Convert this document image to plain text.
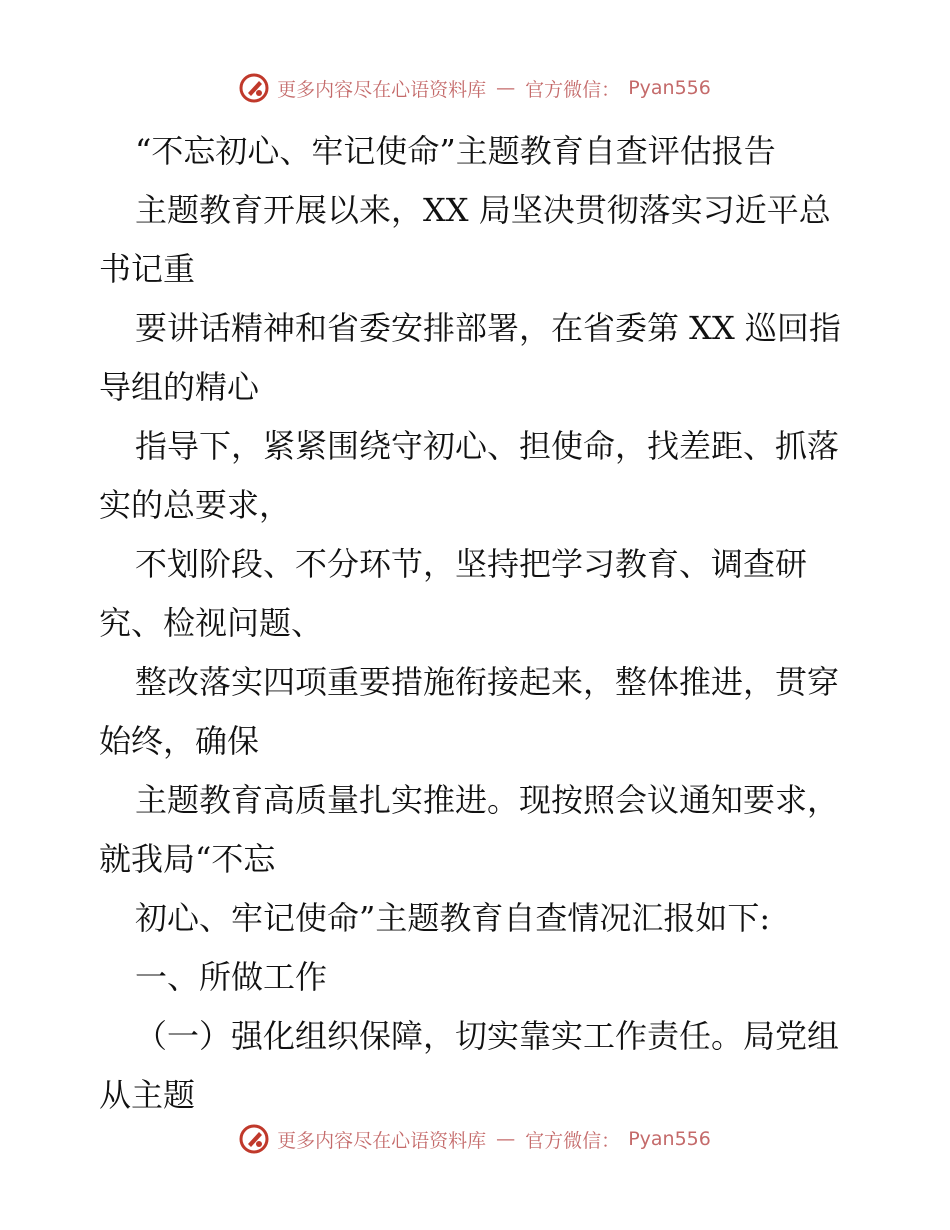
更多内容尽在心语资料库 — 官方微信： Pyan556

“不忘初心、牢记使命”主题教育自查评估报告

主题教育开展以来，XX 局坚决贯彻落实习近平总书记重

要讲话精神和省委安排部署，在省委第 XX 巡回指导组的精心

指导下，紧紧围绕守初心、担使命，找差距、抓落实的总要求，

不划阶段、不分环节，坚持把学习教育、调查研究、检视问题、

整改落实四项重要措施衔接起来，整体推进，贯穿始终，确保

主题教育高质量扎实推进。现按照会议通知要求，就我局“不忘

初心、牢记使命”主题教育自查情况汇报如下:

一、所做工作

（一）强化组织保障，切实靠实工作责任。局党组从主题

更多内容尽在心语资料库 — 官方微信： Pyan556
